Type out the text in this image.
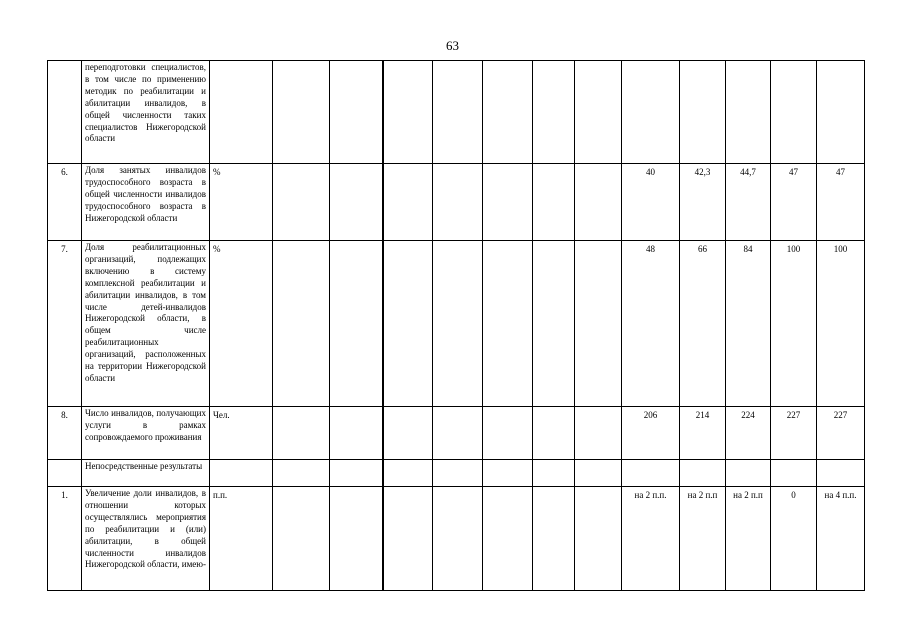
63
	переподготовки специалистов, в том числе по применению методик по реабилитации и абилитации инвалидов, в общей численности таких специалистов Нижегородской области													
6.	Доля занятых инвалидов трудоспособного возраста в общей численности инвалидов трудоспособного возраста в Нижегородской области	%								40	42,3	44,7	47	47
7.	Доля реабилитационных организаций, подлежащих включению в систему комплексной реабилитации и абилитации инвалидов, в том числе детей-инвалидов Нижегородской области, в общем числе реабилитационных организаций, расположенных на территории Нижегородской области	%								48	66	84	100	100
8.	Число инвалидов, получающих услуги в рамках сопровождаемого проживания	Чел.								206	214	224	227	227
	Непосредственные результаты													
1.	Увеличение доли инвалидов, в отношении которых осуществлялись мероприятия по реабилитации и (или) абилитации, в общей численности инвалидов Нижегородской области, имею-	п.п.								на 2 п.п.	на 2 п.п	на 2 п.п	0	на 4 п.п.
